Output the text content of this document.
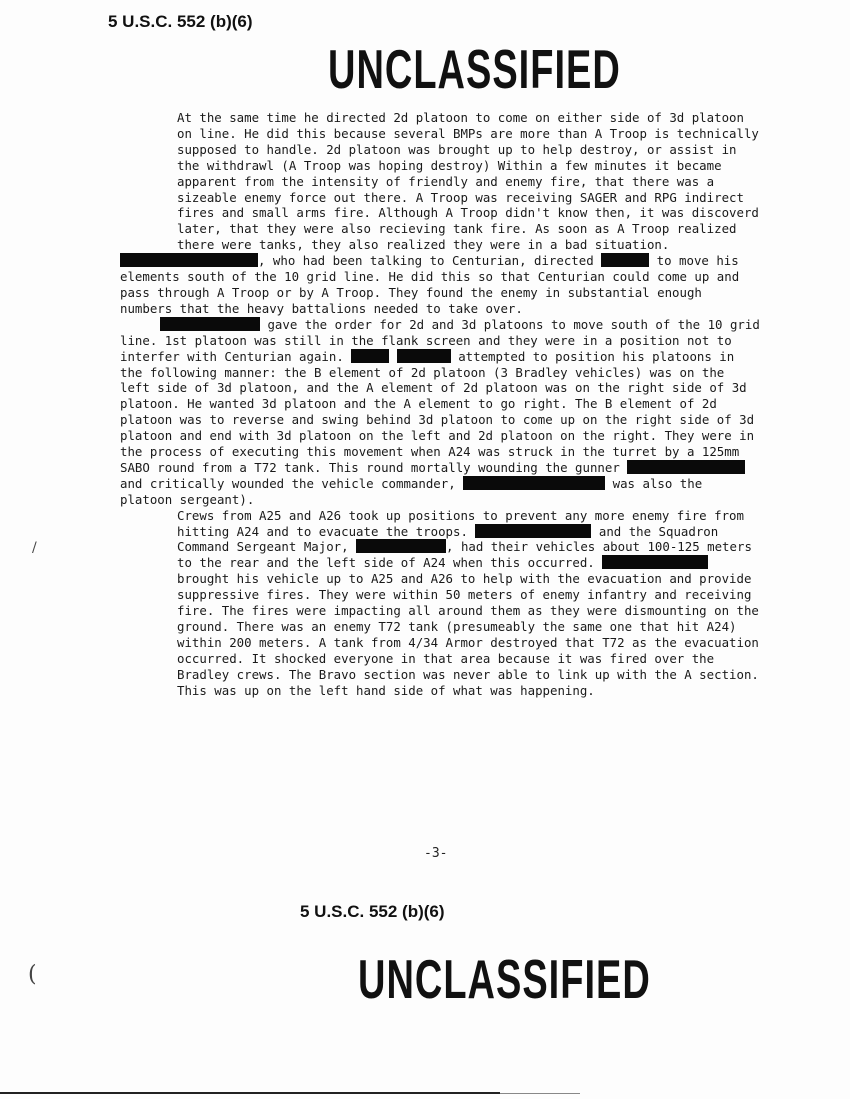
5 U.S.C. 552 (b)(6)
UNCLASSIFIED

At the same time he directed 2d platoon to come on either side of 3d platoon on line. He did this because several BMPs are more than A Troop is technically supposed to handle. 2d platoon was brought up to help destroy, or assist in the withdrawl (A Troop was hoping destroy) Within a few minutes it became apparent from the intensity of friendly and enemy fire, that there was a sizeable enemy force out there. A Troop was receiving SAGER and RPG indirect fires and small arms fire. Although A Troop didn't know then, it was discoverd later, that they were also recieving tank fire. As soon as A Troop realized there were tanks, they also realized they were in a bad situation.

, who had been talking to Centurian, directed	to move his elements south of the 10 grid line. He did this so that Centurian could come up and pass through A Troop or by A Troop. They found the enemy in substantial enough numbers that the heavy battalions needed to take over.

gave the order for 2d and 3d platoons to move south of the 10 grid line. 1st platoon was still in the flank screen and they were in a position not to interfer with Centurian again.	attempted to position his platoons in the following manner: the B element of 2d platoon (3 Bradley vehicles) was on the left side of 3d platoon, and the A element of 2d platoon was on the right side of 3d platoon. He wanted 3d platoon and the A element to go right. The B element of 2d platoon was to reverse and swing behind 3d platoon to come up on the right side of 3d platoon and end with 3d platoon on the left and 2d platoon on the right. They were in the process of executing this movement when A24 was struck in the turret by a 125mm SABO round from a T72 tank. This round mortally wounding the gunner  and critically wounded the vehicle commander,	was also the platoon sergeant).

Crews from A25 and A26 took up positions to prevent any more enemy fire from hitting A24 and to evacuate the troops.	and the Squadron Command Sergeant Major,	, had their vehicles about 100-125 meters to the rear and the left side of A24 when this occurred.  brought his vehicle up to A25 and A26 to help with the evacuation and provide suppressive fires. They were within 50 meters of enemy infantry and receiving fire. The fires were impacting all around them as they were dismounting on the ground. There was an enemy T72 tank (presumeably the same one that hit A24) within 200 meters. A tank from 4/34 Armor destroyed that T72 as the evacuation occurred. It shocked everyone in that area because it was fired over the Bradley crews. The Bravo section was never able to link up with the A section. This was up on the left hand side of what was happening.

-3-
5 U.S.C. 552 (b)(6)
UNCLASSIFIED
/
(
